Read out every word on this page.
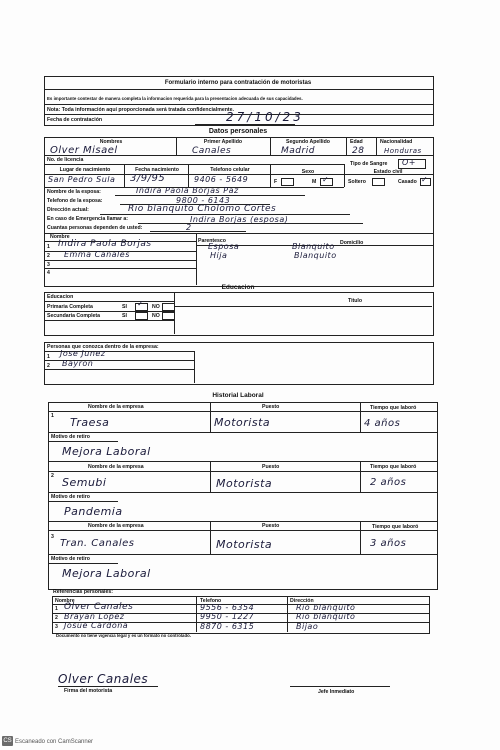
Formulario interno para contratación de motoristas
Es importante contestar de manera completa la informacion requerida para la presentacion adecuada de sus capacidades.
Nota: Toda información aquí proporcionada será tratada confidencialmente.
Fecha de contratación	27/10/23
Datos personales
Nombres	Primer Apellido	Segundo Apellido	Edad	Nacionalidad
Olver Misael	Canales	Madrid	28	Honduras
No. de licencia
Tipo de Sangre O+
Lugar de nacimiento	Fecha nacimiento	Telefono celular	Sexo	Estado civil
San Pedro Sula 3/9/95	9406 - 5649	F	M ✓	Soltero	Casado ✓
Nombre de la esposa:	Indira Paola Borjas Paz
Telefono de la esposa:	9800 - 6143
Dirección actual:	Rio blanquito Cholomo Cortes
En caso de Emergencia llamar a:	Indira Borjas (esposa)
Cuantas personas dependen de usted:	2
Nombre
Parentesco	Domicilio
1 Indira Paola Borjas	Esposa	Blanquito
2 Emma Canales	Hija	Blanquito
3
4
Educacion
Educacion
Titulo
Primaria Completa	SI ✓ NO
Secundaria Completa	SI	NO
Personas que conozca dentro de la empresa:
1 Jose Junez
2 Bayron
Historial Laboral
Nombre de la empresa	Puesto	Tiempo que laboró
1 Traesa	Motorista	4 años
Motivo de retiro
Mejora Laboral
Nombre de la empresa	Puesto	Tiempo que laboró
2 Semubi	Motorista	2 años
Motivo de retiro
Pandemia
Nombre de la empresa	Puesto	Tiempo que laboró
3
Tran. Canales	Motorista	3 años
Motivo de retiro
Mejora Laboral
Referencias personales:
Nombre	Telefono	Dirección
1 Olver Canales	9556 - 6354	Rio blanquito
2 Brayan Lopez	9950 - 1227	Rio blanquito
3 Josue Cardona	8870 - 6315	Bijao
Documento no tiene vigencia legal y es un formato no controlado.
Olver Canales
Firma del motorista	Jefe Inmediato
CS Escaneado con CamScanner
